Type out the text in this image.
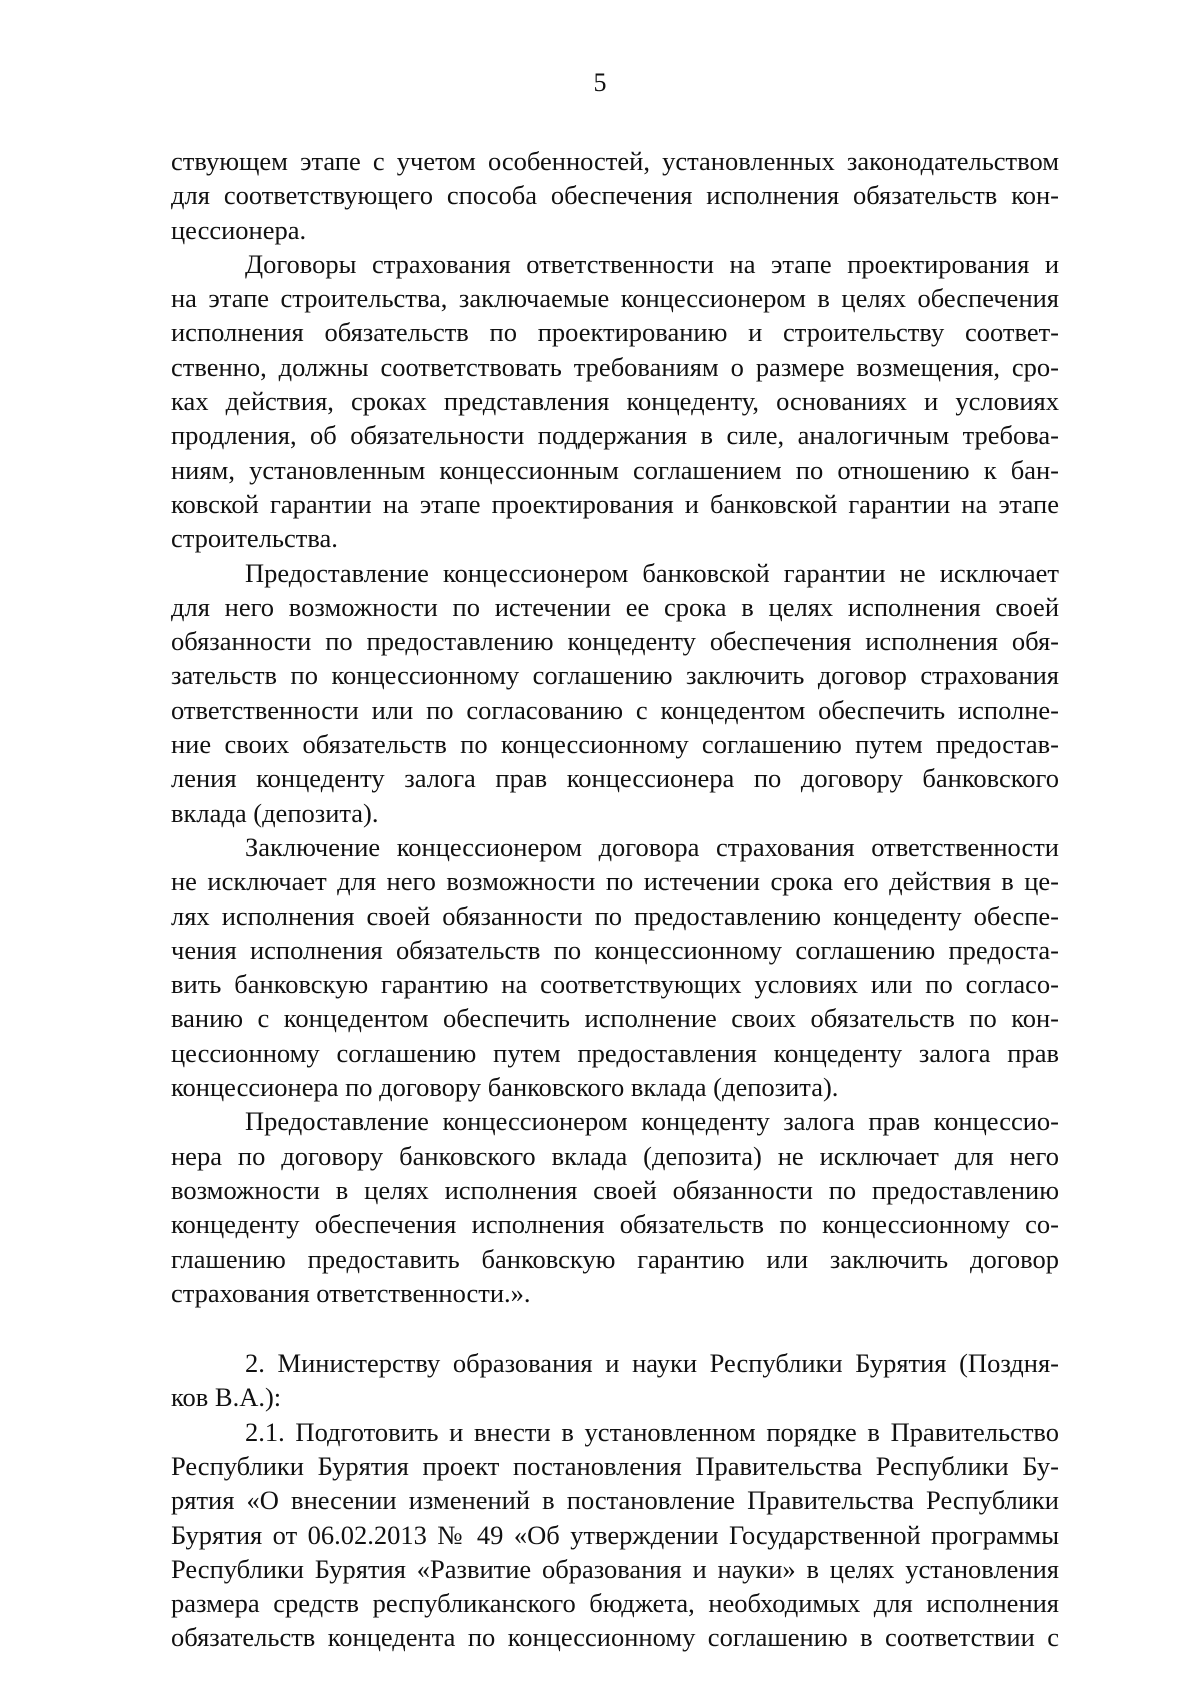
5
ствующем этапе с учетом особенностей, установленных законодательством
для соответствующего способа обеспечения исполнения обязательств кон-
цессионера.
Договоры страхования ответственности на этапе проектирования и
на этапе строительства, заключаемые концессионером в целях обеспечения
исполнения обязательств по проектированию и строительству соответ-
ственно, должны соответствовать требованиям о размере возмещения, сро-
ках действия, сроках представления концеденту, основаниях и условиях
продления, об обязательности поддержания в силе, аналогичным требова-
ниям, установленным концессионным соглашением по отношению к бан-
ковской гарантии на этапе проектирования и банковской гарантии на этапе
строительства.
Предоставление концессионером банковской гарантии не исключает
для него возможности по истечении ее срока в целях исполнения своей
обязанности по предоставлению концеденту обеспечения исполнения обя-
зательств по концессионному соглашению заключить договор страхования
ответственности или по согласованию с концедентом обеспечить исполне-
ние своих обязательств по концессионному соглашению путем предостав-
ления концеденту залога прав концессионера по договору банковского
вклада (депозита).
Заключение концессионером договора страхования ответственности
не исключает для него возможности по истечении срока его действия в це-
лях исполнения своей обязанности по предоставлению концеденту обеспе-
чения исполнения обязательств по концессионному соглашению предоста-
вить банковскую гарантию на соответствующих условиях или по согласо-
ванию с концедентом обеспечить исполнение своих обязательств по кон-
цессионному соглашению путем предоставления концеденту залога прав
концессионера по договору банковского вклада (депозита).
Предоставление концессионером концеденту залога прав концессио-
нера по договору банковского вклада (депозита) не исключает для него
возможности в целях исполнения своей обязанности по предоставлению
концеденту обеспечения исполнения обязательств по концессионному со-
глашению предоставить банковскую гарантию или заключить договор
страхования ответственности.».
2. Министерству образования и науки Республики Бурятия (Поздня-
ков В.А.):
2.1. Подготовить и внести в установленном порядке в Правительство
Республики Бурятия проект постановления Правительства Республики Бу-
рятия «О внесении изменений в постановление Правительства Республики
Бурятия от 06.02.2013 № 49 «Об утверждении Государственной программы
Республики Бурятия «Развитие образования и науки» в целях установления
размера средств республиканского бюджета, необходимых для исполнения
обязательств концедента по концессионному соглашению в соответствии с
